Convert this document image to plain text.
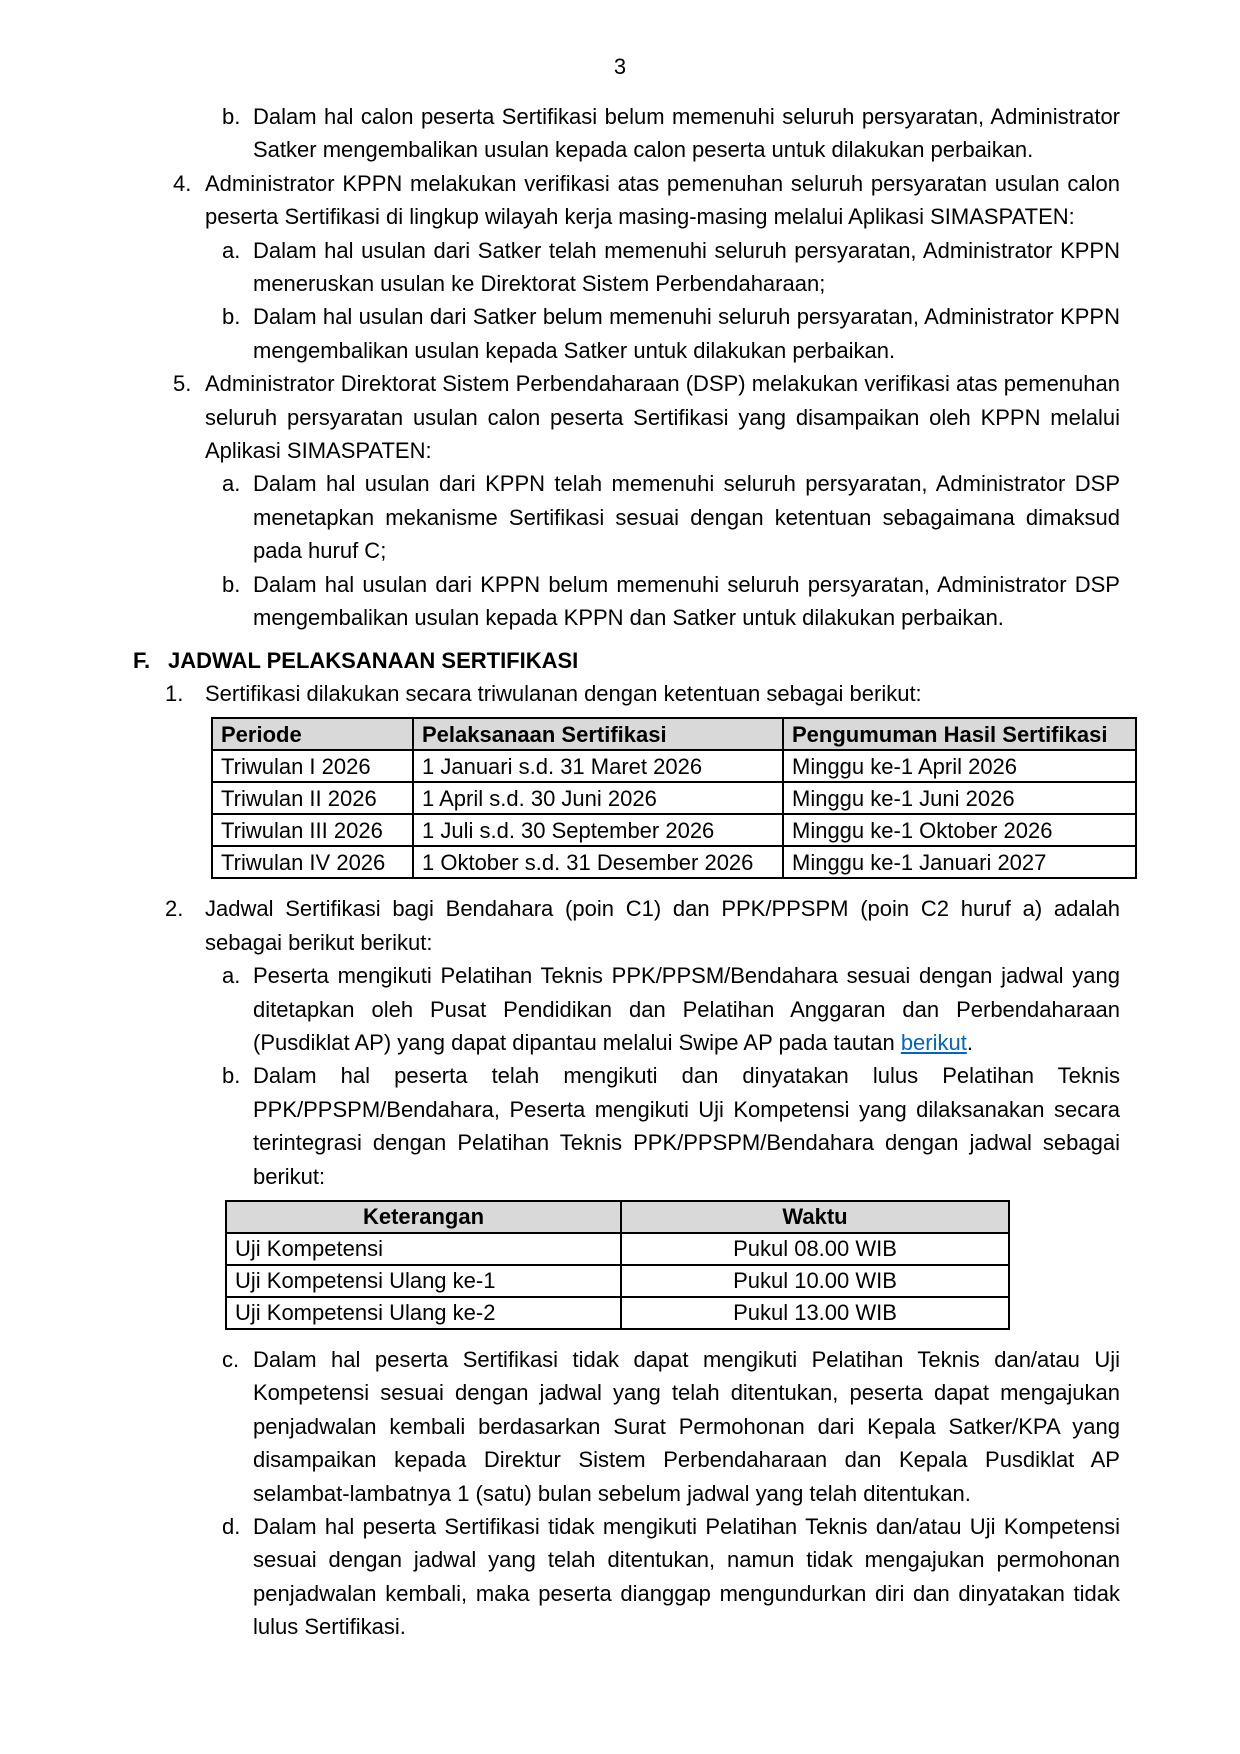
3
b. Dalam hal calon peserta Sertifikasi belum memenuhi seluruh persyaratan, Administrator Satker mengembalikan usulan kepada calon peserta untuk dilakukan perbaikan.
4. Administrator KPPN melakukan verifikasi atas pemenuhan seluruh persyaratan usulan calon peserta Sertifikasi di lingkup wilayah kerja masing-masing melalui Aplikasi SIMASPATEN:
a. Dalam hal usulan dari Satker telah memenuhi seluruh persyaratan, Administrator KPPN meneruskan usulan ke Direktorat Sistem Perbendaharaan;
b. Dalam hal usulan dari Satker belum memenuhi seluruh persyaratan, Administrator KPPN mengembalikan usulan kepada Satker untuk dilakukan perbaikan.
5. Administrator Direktorat Sistem Perbendaharaan (DSP) melakukan verifikasi atas pemenuhan seluruh persyaratan usulan calon peserta Sertifikasi yang disampaikan oleh KPPN melalui Aplikasi SIMASPATEN:
a. Dalam hal usulan dari KPPN telah memenuhi seluruh persyaratan, Administrator DSP menetapkan mekanisme Sertifikasi sesuai dengan ketentuan sebagaimana dimaksud pada huruf C;
b. Dalam hal usulan dari KPPN belum memenuhi seluruh persyaratan, Administrator DSP mengembalikan usulan kepada KPPN dan Satker untuk dilakukan perbaikan.
F. JADWAL PELAKSANAAN SERTIFIKASI
1. Sertifikasi dilakukan secara triwulanan dengan ketentuan sebagai berikut:
Periode	Pelaksanaan Sertifikasi	Pengumuman Hasil Sertifikasi
Triwulan I 2026	1 Januari s.d. 31 Maret 2026	Minggu ke-1 April 2026
Triwulan II 2026	1 April s.d. 30 Juni 2026	Minggu ke-1 Juni 2026
Triwulan III 2026	1 Juli s.d. 30 September 2026	Minggu ke-1 Oktober 2026
Triwulan IV 2026	1 Oktober s.d. 31 Desember 2026	Minggu ke-1 Januari 2027
2. Jadwal Sertifikasi bagi Bendahara (poin C1) dan PPK/PPSPM (poin C2 huruf a) adalah sebagai berikut berikut:
a. Peserta mengikuti Pelatihan Teknis PPK/PPSM/Bendahara sesuai dengan jadwal yang ditetapkan oleh Pusat Pendidikan dan Pelatihan Anggaran dan Perbendaharaan (Pusdiklat AP) yang dapat dipantau melalui Swipe AP pada tautan berikut.
b. Dalam hal peserta telah mengikuti dan dinyatakan lulus Pelatihan Teknis PPK/PPSPM/Bendahara, Peserta mengikuti Uji Kompetensi yang dilaksanakan secara terintegrasi dengan Pelatihan Teknis PPK/PPSPM/Bendahara dengan jadwal sebagai berikut:
Keterangan	Waktu
Uji Kompetensi	Pukul 08.00 WIB
Uji Kompetensi Ulang ke-1	Pukul 10.00 WIB
Uji Kompetensi Ulang ke-2	Pukul 13.00 WIB
c. Dalam hal peserta Sertifikasi tidak dapat mengikuti Pelatihan Teknis dan/atau Uji Kompetensi sesuai dengan jadwal yang telah ditentukan, peserta dapat mengajukan penjadwalan kembali berdasarkan Surat Permohonan dari Kepala Satker/KPA yang disampaikan kepada Direktur Sistem Perbendaharaan dan Kepala Pusdiklat AP selambat-lambatnya 1 (satu) bulan sebelum jadwal yang telah ditentukan.
d. Dalam hal peserta Sertifikasi tidak mengikuti Pelatihan Teknis dan/atau Uji Kompetensi sesuai dengan jadwal yang telah ditentukan, namun tidak mengajukan permohonan penjadwalan kembali, maka peserta dianggap mengundurkan diri dan dinyatakan tidak lulus Sertifikasi.
